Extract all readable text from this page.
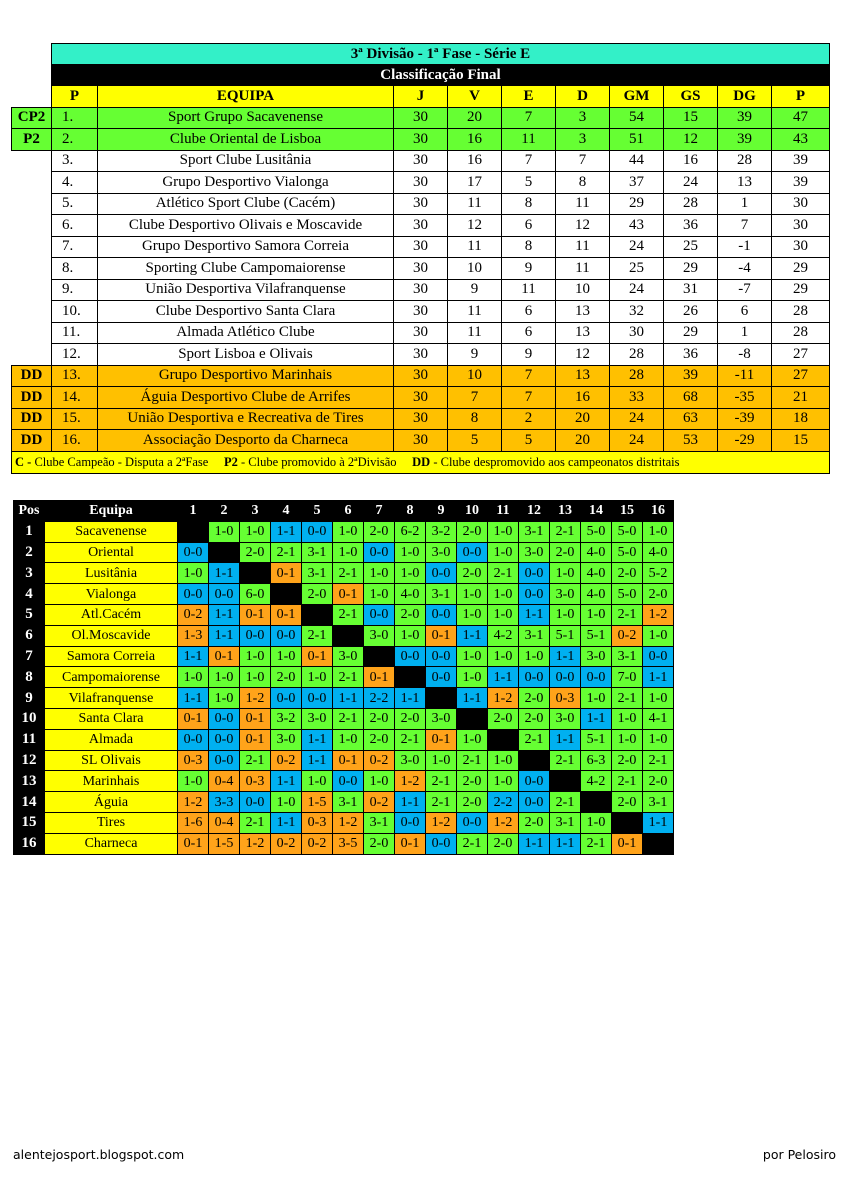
	3ª Divisão - 1ª Fase - Série E									
	Classificação Final									
	P	EQUIPA	J	V	E	D	GM	GS	DG	P
CP2	1.	Sport Grupo Sacavenense	30	20	7	3	54	15	39	47
P2	2.	Clube Oriental de Lisboa	30	16	11	3	51	12	39	43
	3.	Sport Clube Lusitânia	30	16	7	7	44	16	28	39
	4.	Grupo Desportivo Vialonga	30	17	5	8	37	24	13	39
	5.	Atlético Sport Clube (Cacém)	30	11	8	11	29	28	1	30
	6.	Clube Desportivo Olivais e Moscavide	30	12	6	12	43	36	7	30
	7.	Grupo Desportivo Samora Correia	30	11	8	11	24	25	-1	30
	8.	Sporting Clube Campomaiorense	30	10	9	11	25	29	-4	29
	9.	União Desportiva Vilafranquense	30	9	11	10	24	31	-7	29
	10.	Clube Desportivo Santa Clara	30	11	6	13	32	26	6	28
	11.	Almada Atlético Clube	30	11	6	13	30	29	1	28
	12.	Sport Lisboa e Olivais	30	9	9	12	28	36	-8	27
DD	13.	Grupo Desportivo Marinhais	30	10	7	13	28	39	-11	27
DD	14.	Águia Desportivo Clube de Arrifes	30	7	7	16	33	68	-35	21
DD	15.	União Desportiva e Recreativa de Tires	30	8	2	20	24	63	-39	18
DD	16.	Associação Desporto da Charneca	30	5	5	20	24	53	-29	15
C - Clube Campeão - Disputa a 2ªFase P2 - Clube promovido à 2ªDivisão DD - Clube despromovido aos campeonatos distritais										
Pos	Equipa	1	2	3	4	5	6	7	8	9	10	11	12	13	14	15	16
1	Sacavenense		1-0	1-0	1-1	0-0	1-0	2-0	6-2	3-2	2-0	1-0	3-1	2-1	5-0	5-0	1-0
2	Oriental	0-0		2-0	2-1	3-1	1-0	0-0	1-0	3-0	0-0	1-0	3-0	2-0	4-0	5-0	4-0
3	Lusitânia	1-0	1-1		0-1	3-1	2-1	1-0	1-0	0-0	2-0	2-1	0-0	1-0	4-0	2-0	5-2
4	Vialonga	0-0	0-0	6-0		2-0	0-1	1-0	4-0	3-1	1-0	1-0	0-0	3-0	4-0	5-0	2-0
5	Atl.Cacém	0-2	1-1	0-1	0-1		2-1	0-0	2-0	0-0	1-0	1-0	1-1	1-0	1-0	2-1	1-2
6	Ol.Moscavide	1-3	1-1	0-0	0-0	2-1		3-0	1-0	0-1	1-1	4-2	3-1	5-1	5-1	0-2	1-0
7	Samora Correia	1-1	0-1	1-0	1-0	0-1	3-0		0-0	0-0	1-0	1-0	1-0	1-1	3-0	3-1	0-0
8	Campomaiorense	1-0	1-0	1-0	2-0	1-0	2-1	0-1		0-0	1-0	1-1	0-0	0-0	0-0	7-0	1-1
9	Vilafranquense	1-1	1-0	1-2	0-0	0-0	1-1	2-2	1-1		1-1	1-2	2-0	0-3	1-0	2-1	1-0
10	Santa Clara	0-1	0-0	0-1	3-2	3-0	2-1	2-0	2-0	3-0		2-0	2-0	3-0	1-1	1-0	4-1
11	Almada	0-0	0-0	0-1	3-0	1-1	1-0	2-0	2-1	0-1	1-0		2-1	1-1	5-1	1-0	1-0
12	SL Olivais	0-3	0-0	2-1	0-2	1-1	0-1	0-2	3-0	1-0	2-1	1-0		2-1	6-3	2-0	2-1
13	Marinhais	1-0	0-4	0-3	1-1	1-0	0-0	1-0	1-2	2-1	2-0	1-0	0-0		4-2	2-1	2-0
14	Águia	1-2	3-3	0-0	1-0	1-5	3-1	0-2	1-1	2-1	2-0	2-2	0-0	2-1		2-0	3-1
15	Tires	1-6	0-4	2-1	1-1	0-3	1-2	3-1	0-0	1-2	0-0	1-2	2-0	3-1	1-0		1-1
16	Charneca	0-1	1-5	1-2	0-2	0-2	3-5	2-0	0-1	0-0	2-1	2-0	1-1	1-1	2-1	0-1	
alentejosport.blogspot.com	por Pelosiro
